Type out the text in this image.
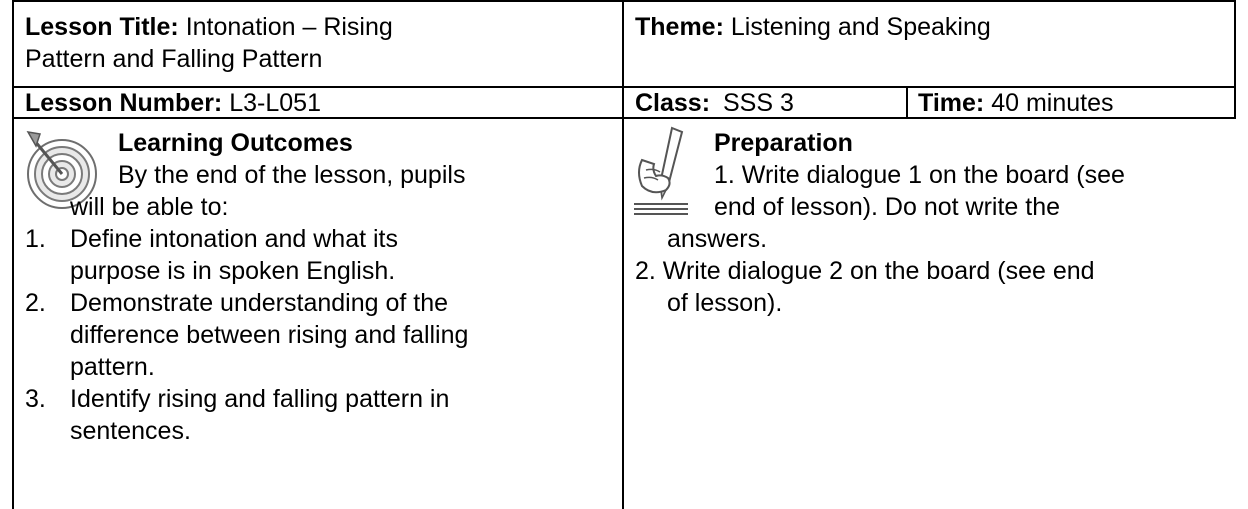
Lesson Title: Intonation – Rising
Pattern and Falling Pattern
Theme: Listening and Speaking
Lesson Number: L3-L051	Class: SSS 3	Time: 40 minutes
Learning Outcomes
By the end of the lesson, pupils
will be able to:
1. Define intonation and what its
purpose is in spoken English.
2. Demonstrate understanding of the
difference between rising and falling
pattern.
3. Identify rising and falling pattern in
sentences.
Preparation
1. Write dialogue 1 on the board (see
end of lesson). Do not write the
answers.
2. Write dialogue 2 on the board (see end
of lesson).
